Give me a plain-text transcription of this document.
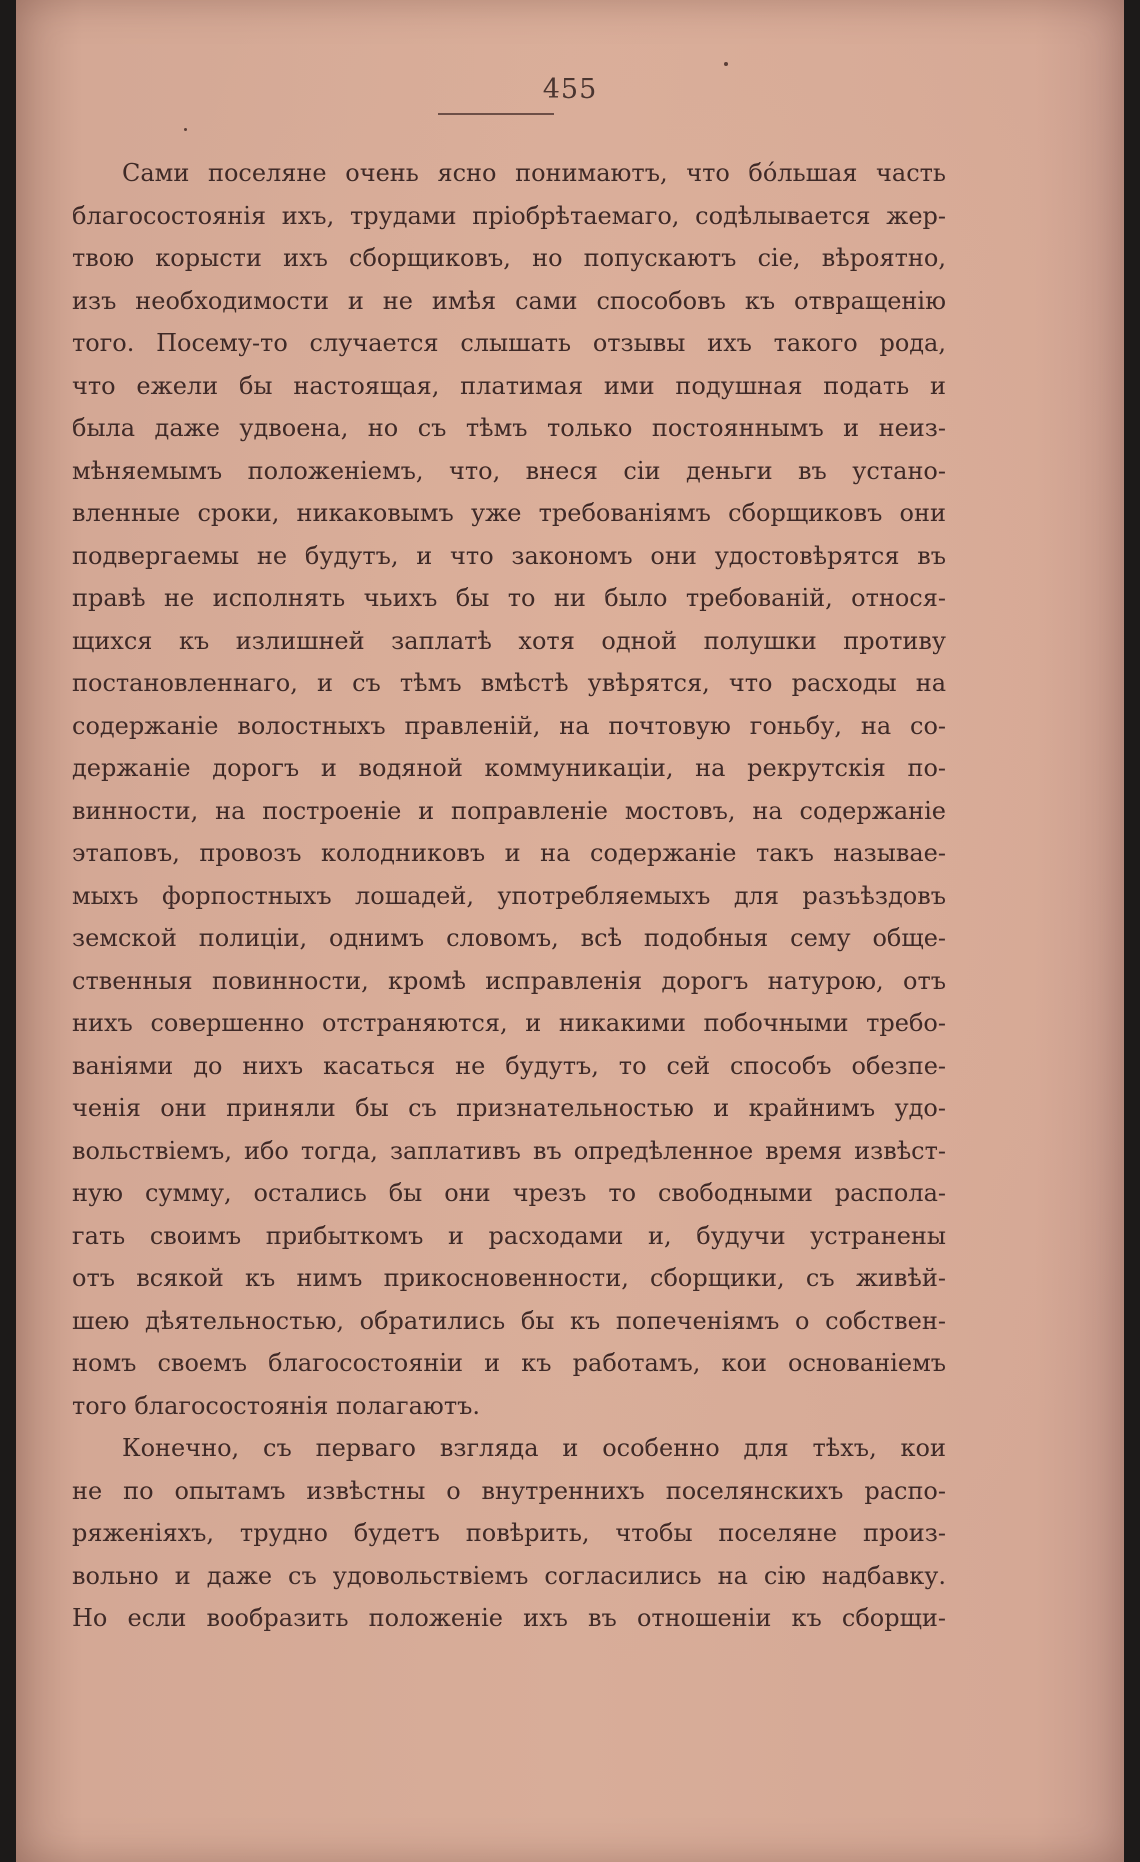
455
Сами поселяне очень ясно понимаютъ, что бо́льшая часть
благосостоянія ихъ, трудами пріобрѣтаемаго, содѣлывается жер-
твою корысти ихъ сборщиковъ, но попускаютъ сіе, вѣроятно,
изъ необходимости и не имѣя сами способовъ къ отвращенію
того. Посему-то случается слышать отзывы ихъ такого рода,
что ежели бы настоящая, платимая ими подушная подать и
была даже удвоена, но съ тѣмъ только постояннымъ и неиз-
мѣняемымъ положеніемъ, что, внеся сіи деньги въ устано-
вленные сроки, никаковымъ уже требованіямъ сборщиковъ они
подвергаемы не будутъ, и что закономъ они удостовѣрятся въ
правѣ не исполнять чьихъ бы то ни было требованій, относя-
щихся къ излишней заплатѣ хотя одной полушки противу
постановленнаго, и съ тѣмъ вмѣстѣ увѣрятся, что расходы на
содержаніе волостныхъ правленій, на почтовую гоньбу, на со-
держаніе дорогъ и водяной коммуникаціи, на рекрутскія по-
винности, на построеніе и поправленіе мостовъ, на содержаніе
этаповъ, провозъ колодниковъ и на содержаніе такъ называе-
мыхъ форпостныхъ лошадей, употребляемыхъ для разъѣздовъ
земской полиціи, однимъ словомъ, всѣ подобныя сему обще-
ственныя повинности, кромѣ исправленія дорогъ натурою, отъ
нихъ совершенно отстраняются, и никакими побочными требо-
ваніями до нихъ касаться не будутъ, то сей способъ обезпе-
ченія они приняли бы съ признательностью и крайнимъ удо-
вольствіемъ, ибо тогда, заплативъ въ опредѣленное время извѣст-
ную сумму, остались бы они чрезъ то свободными распола-
гать своимъ прибыткомъ и расходами и, будучи устранены
отъ всякой къ нимъ прикосновенности, сборщики, съ живѣй-
шею дѣятельностью, обратились бы къ попеченіямъ о собствен-
номъ своемъ благосостояніи и къ работамъ, кои основаніемъ
того благосостоянія полагаютъ.
Конечно, съ перваго взгляда и особенно для тѣхъ, кои
не по опытамъ извѣстны о внутреннихъ поселянскихъ распо-
ряженіяхъ, трудно будетъ повѣрить, чтобы поселяне произ-
вольно и даже съ удовольствіемъ согласились на сію надбавку.
Но если вообразить положеніе ихъ въ отношеніи къ сборщи-
